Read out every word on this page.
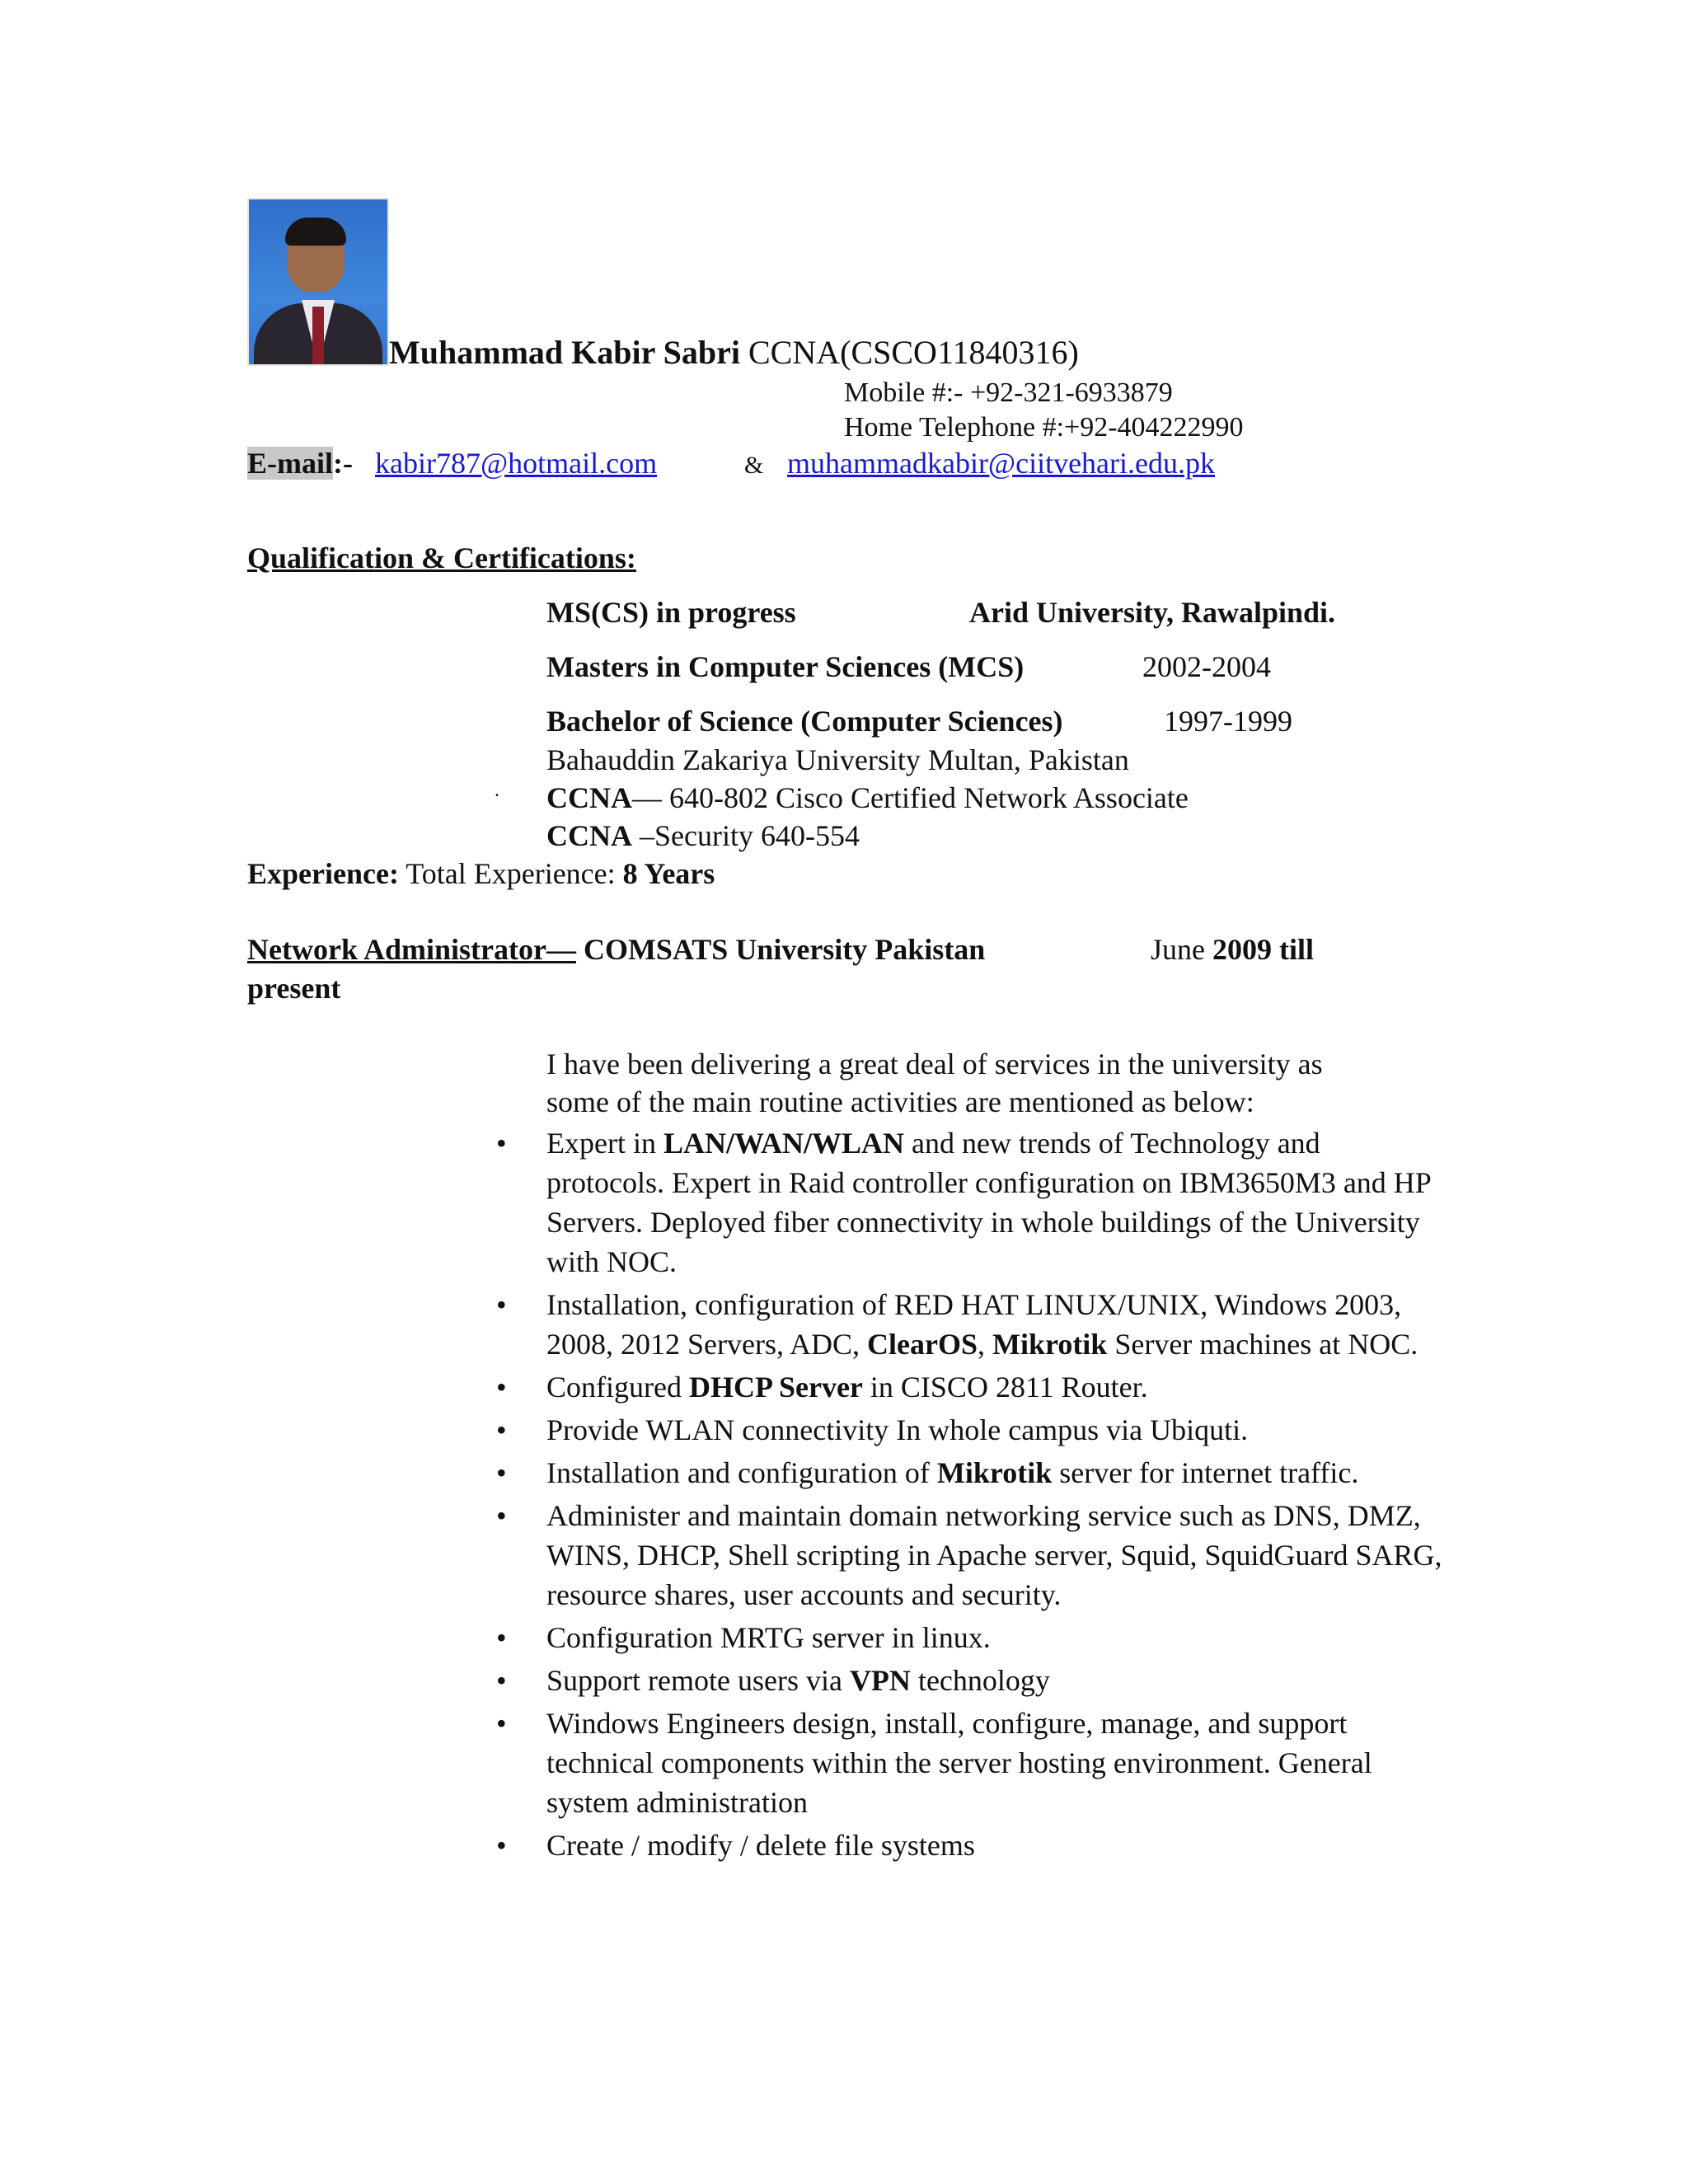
Muhammad Kabir Sabri CCNA(CSCO11840316)
Mobile #:- +92-321-6933879
Home Telephone #:+92-404222990
E-mail:- kabir787@hotmail.com	& muhammadkabir@ciitvehari.edu.pk
Qualification & Certifications:
MS(CS) in progress	Arid University, Rawalpindi.
Masters in Computer Sciences (MCS)	2002-2004
Bachelor of Science (Computer Sciences)	1997-1999
Bahauddin Zakariya University Multan, Pakistan
. CCNA— 640-802 Cisco Certified Network Associate
CCNA –Security 640-554
Experience: Total Experience: 8 Years
Network Administrator— COMSATS University Pakistan	June 2009 till
present
I have been delivering a great deal of services in the university as
some of the main routine activities are mentioned as below:
• Expert in LAN/WAN/WLAN and new trends of Technology and protocols. Expert in Raid controller configuration on IBM3650M3 and HP Servers. Deployed fiber connectivity in whole buildings of the University with NOC.
• Installation, configuration of RED HAT LINUX/UNIX, Windows 2003, 2008, 2012 Servers, ADC, ClearOS, Mikrotik Server machines at NOC.
• Configured DHCP Server in CISCO 2811 Router.
• Provide WLAN connectivity In whole campus via Ubiquti.
• Installation and configuration of Mikrotik server for internet traffic.
• Administer and maintain domain networking service such as DNS, DMZ, WINS, DHCP, Shell scripting in Apache server, Squid, SquidGuard SARG, resource shares, user accounts and security.
• Configuration MRTG server in linux.
• Support remote users via VPN technology
• Windows Engineers design, install, configure, manage, and support technical components within the server hosting environment. General system administration
• Create / modify / delete file systems
